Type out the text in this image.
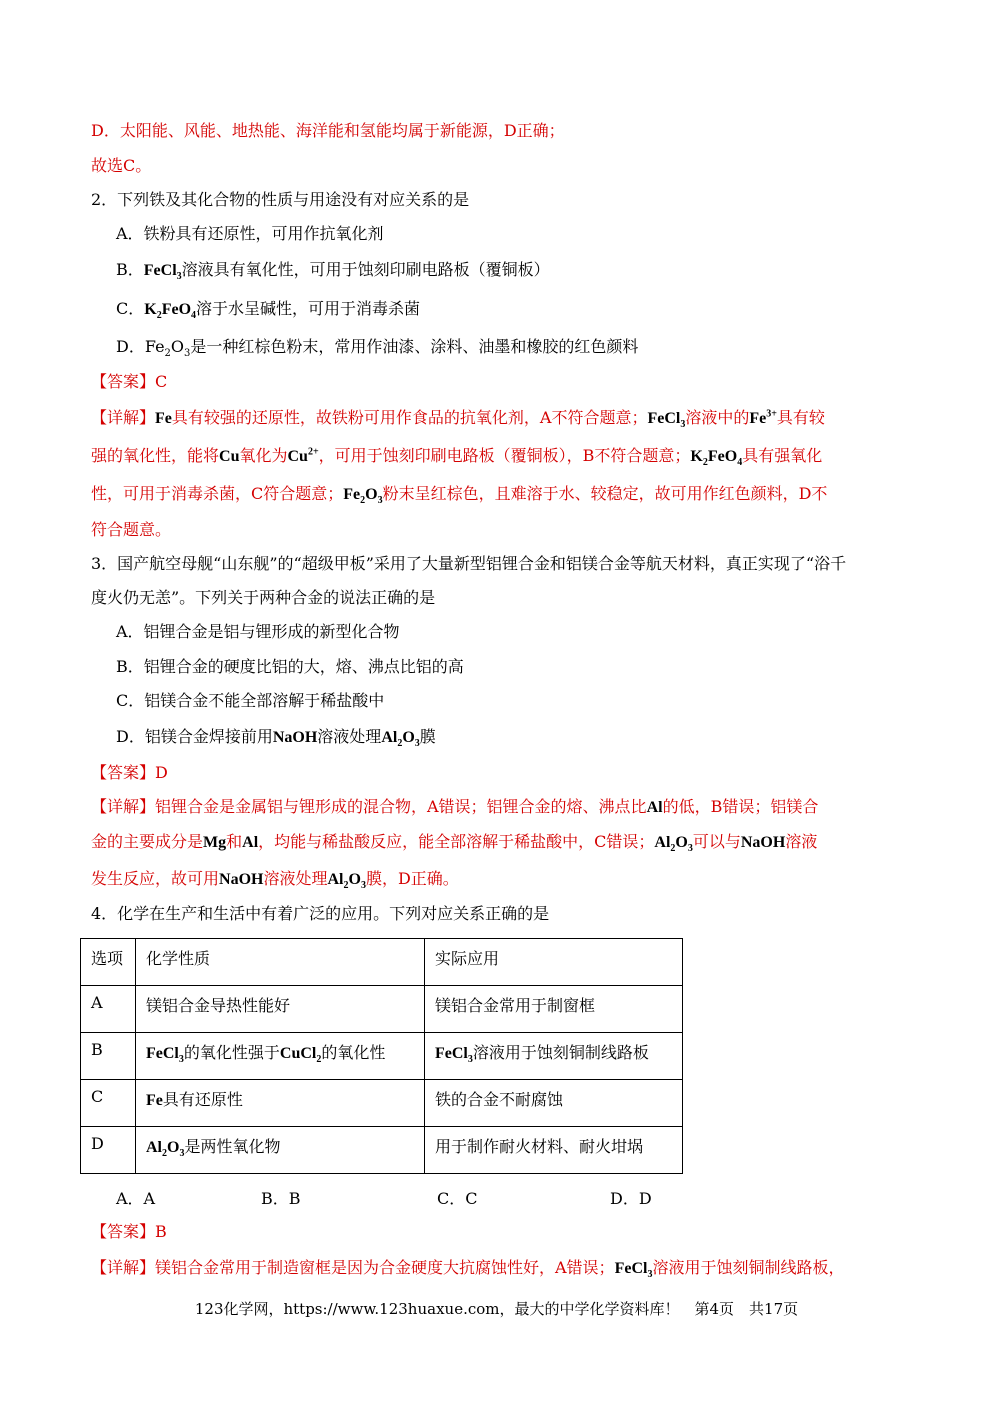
D．太阳能、风能、地热能、海洋能和氢能均属于新能源，D正确；
故选C。
2．下列铁及其化合物的性质与用途没有对应关系的是
A．铁粉具有还原性，可用作抗氧化剂
B．FeCl$_3$溶液具有氧化性，可用于蚀刻印刷电路板（覆铜板）
C．$K_2FeO_4$溶于水呈碱性，可用于消毒杀菌
D．$Fe_2O_3$是一种红棕色粉末，常用作油漆、涂料、油墨和橡胶的红色颜料
【答案】C
【详解】Fe具有较强的还原性，故铁粉可用作食品的抗氧化剂，A不符合题意；FeCl$_3$溶液中的$Fe^{3+}$具有较
强的氧化性，能将Cu氧化为$Cu^{2+}$，可用于蚀刻印刷电路板（覆铜板），B不符合题意；$K_2FeO_4$具有强氧化
性，可用于消毒杀菌，C符合题意；$Fe_2O_3$粉末呈红棕色，且难溶于水、较稳定，故可用作红色颜料，D不
符合题意。
3．国产航空母舰“山东舰”的“超级甲板”采用了大量新型铝锂合金和铝镁合金等航天材料，真正实现了“浴千
度火仍无恙”。下列关于两种合金的说法正确的是
A．铝锂合金是铝与锂形成的新型化合物
B．铝锂合金的硬度比铝的大，熔、沸点比铝的高
C．铝镁合金不能全部溶解于稀盐酸中
D．铝镁合金焊接前用NaOH溶液处理$Al_2O_3$膜
【答案】D
【详解】铝锂合金是金属铝与锂形成的混合物，A错误；铝锂合金的熔、沸点比Al的低，B错误；铝镁合
金的主要成分是Mg和Al，均能与稀盐酸反应，能全部溶解于稀盐酸中，C错误；$Al_2O_3$可以与NaOH溶液
发生反应，故可用NaOH溶液处理$Al_2O_3$膜，D正确。
4．化学在生产和生活中有着广泛的应用。下列对应关系正确的是
选项	化学性质	实际应用
A	镁铝合金导热性能好	镁铝合金常用于制窗框
B	FeCl$_3$的氧化性强于CuCl$_2$的氧化性	FeCl$_3$溶液用于蚀刻铜制线路板
C	Fe具有还原性	铁的合金不耐腐蚀
D	$Al_2O_3$是两性氧化物	用于制作耐火材料、耐火坩埚
A．A	B．B	C．C	D．D
【答案】B
【详解】镁铝合金常用于制造窗框是因为合金硬度大抗腐蚀性好，A错误；FeCl$_3$溶液用于蚀刻铜制线路板，
123化学网，https://www.123huaxue.com，最大的中学化学资料库！　第4页　共17页
